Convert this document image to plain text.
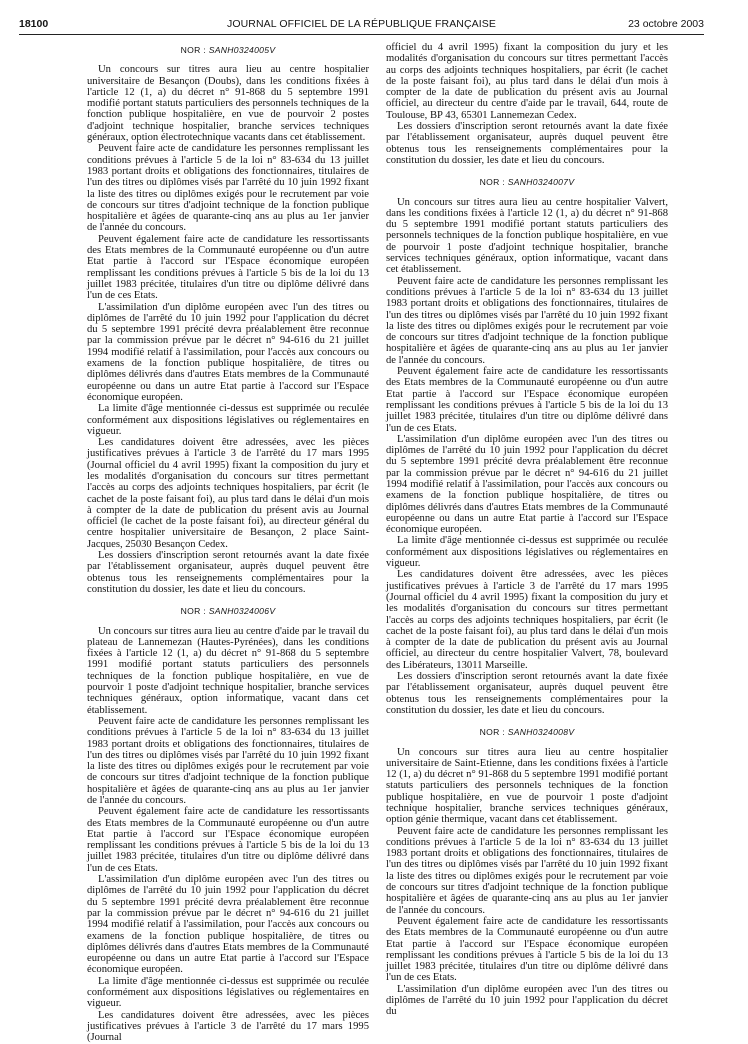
18100	JOURNAL OFFICIEL DE LA RÉPUBLIQUE FRANÇAISE	23 octobre 2003
NOR : SANH0324005V

Un concours sur titres aura lieu au centre hospitalier universitaire de Besançon (Doubs), dans les conditions fixées à l'article 12 (1, a) du décret n° 91-868 du 5 septembre 1991 modifié portant statuts particuliers des personnels techniques de la fonction publique hospitalière, en vue de pourvoir 2 postes d'adjoint technique hospitalier, branche services techniques généraux, option électrotechnique vacants dans cet établissement.

Peuvent faire acte de candidature les personnes remplissant les conditions prévues à l'article 5 de la loi n° 83-634 du 13 juillet 1983 portant droits et obligations des fonctionnaires, titulaires de l'un des titres ou diplômes visés par l'arrêté du 10 juin 1992 fixant la liste des titres ou diplômes exigés pour le recrutement par voie de concours sur titres d'adjoint technique de la fonction publique hospitalière et âgées de quarante-cinq ans au plus au 1er janvier de l'année du concours.

Peuvent également faire acte de candidature les ressortissants des Etats membres de la Communauté européenne ou d'un autre Etat partie à l'accord sur l'Espace économique européen remplissant les conditions prévues à l'article 5 bis de la loi du 13 juillet 1983 précitée, titulaires d'un titre ou diplôme délivré dans l'un de ces Etats.

L'assimilation d'un diplôme européen avec l'un des titres ou diplômes de l'arrêté du 10 juin 1992 pour l'application du décret du 5 septembre 1991 précité devra préalablement être reconnue par la commission prévue par le décret n° 94-616 du 21 juillet 1994 modifié relatif à l'assimilation, pour l'accès aux concours ou examens de la fonction publique hospitalière, de titres ou diplômes délivrés dans d'autres Etats membres de la Communauté européenne ou dans un autre Etat partie à l'accord sur l'Espace économique européen.

La limite d'âge mentionnée ci-dessus est supprimée ou reculée conformément aux dispositions législatives ou réglementaires en vigueur.

Les candidatures doivent être adressées, avec les pièces justificatives prévues à l'article 3 de l'arrêté du 17 mars 1995 (Journal officiel du 4 avril 1995) fixant la composition du jury et les modalités d'organisation du concours sur titres permettant l'accès au corps des adjoints techniques hospitaliers, par écrit (le cachet de la poste faisant foi), au plus tard dans le délai d'un mois à compter de la date de publication du présent avis au Journal officiel (le cachet de la poste faisant foi), au directeur général du centre hospitalier universitaire de Besançon, 2 place Saint-Jacques, 25030 Besançon Cedex.

Les dossiers d'inscription seront retournés avant la date fixée par l'établissement organisateur, auprès duquel peuvent être obtenus tous les renseignements complémentaires pour la constitution du dossier, les date et lieu du concours.

NOR : SANH0324006V

Un concours sur titres aura lieu au centre d'aide par le travail du plateau de Lannemezan (Hautes-Pyrénées), dans les conditions fixées à l'article 12 (1, a) du décret n° 91-868 du 5 septembre 1991 modifié portant statuts particuliers des personnels techniques de la fonction publique hospitalière, en vue de pourvoir 1 poste d'adjoint technique hospitalier, branche services techniques généraux, option informatique, vacant dans cet établissement.

Peuvent faire acte de candidature les personnes remplissant les conditions prévues à l'article 5 de la loi n° 83-634 du 13 juillet 1983 portant droits et obligations des fonctionnaires, titulaires de l'un des titres ou diplômes visés par l'arrêté du 10 juin 1992 fixant la liste des titres ou diplômes exigés pour le recrutement par voie de concours sur titres d'adjoint technique de la fonction publique hospitalière et âgées de quarante-cinq ans au plus au 1er janvier de l'année du concours.

Peuvent également faire acte de candidature les ressortissants des Etats membres de la Communauté européenne ou d'un autre Etat partie à l'accord sur l'Espace économique européen remplissant les conditions prévues à l'article 5 bis de la loi du 13 juillet 1983 précitée, titulaires d'un titre ou diplôme délivré dans l'un de ces Etats.

L'assimilation d'un diplôme européen avec l'un des titres ou diplômes de l'arrêté du 10 juin 1992 pour l'application du décret du 5 septembre 1991 précité devra préalablement être reconnue par la commission prévue par le décret n° 94-616 du 21 juillet 1994 modifié relatif à l'assimilation, pour l'accès aux concours ou examens de la fonction publique hospitalière, de titres ou diplômes délivrés dans d'autres Etats membres de la Communauté européenne ou dans un autre Etat partie à l'accord sur l'Espace économique européen.

La limite d'âge mentionnée ci-dessus est supprimée ou reculée conformément aux dispositions législatives ou réglementaires en vigueur.

Les candidatures doivent être adressées, avec les pièces justificatives prévues à l'article 3 de l'arrêté du 17 mars 1995 (Journal

officiel du 4 avril 1995) fixant la composition du jury et les modalités d'organisation du concours sur titres permettant l'accès au corps des adjoints techniques hospitaliers, par écrit (le cachet de la poste faisant foi), au plus tard dans le délai d'un mois à compter de la date de publication du présent avis au Journal officiel, au directeur du centre d'aide par le travail, 644, route de Toulouse, BP 43, 65301 Lannemezan Cedex.

Les dossiers d'inscription seront retournés avant la date fixée par l'établissement organisateur, auprès duquel peuvent être obtenus tous les renseignements complémentaires pour la constitution du dossier, les date et lieu du concours.

NOR : SANH0324007V

Un concours sur titres aura lieu au centre hospitalier Valvert, dans les conditions fixées à l'article 12 (1, a) du décret n° 91-868 du 5 septembre 1991 modifié portant statuts particuliers des personnels techniques de la fonction publique hospitalière, en vue de pourvoir 1 poste d'adjoint technique hospitalier, branche services techniques généraux, option informatique, vacant dans cet établissement.

Peuvent faire acte de candidature les personnes remplissant les conditions prévues à l'article 5 de la loi n° 83-634 du 13 juillet 1983 portant droits et obligations des fonctionnaires, titulaires de l'un des titres ou diplômes visés par l'arrêté du 10 juin 1992 fixant la liste des titres ou diplômes exigés pour le recrutement par voie de concours sur titres d'adjoint technique de la fonction publique hospitalière et âgées de quarante-cinq ans au plus au 1er janvier de l'année du concours.

Peuvent également faire acte de candidature les ressortissants des Etats membres de la Communauté européenne ou d'un autre Etat partie à l'accord sur l'Espace économique européen remplissant les conditions prévues à l'article 5 bis de la loi du 13 juillet 1983 précitée, titulaires d'un titre ou diplôme délivré dans l'un de ces Etats.

L'assimilation d'un diplôme européen avec l'un des titres ou diplômes de l'arrêté du 10 juin 1992 pour l'application du décret du 5 septembre 1991 précité devra préalablement être reconnue par la commission prévue par le décret n° 94-616 du 21 juillet 1994 modifié relatif à l'assimilation, pour l'accès aux concours ou examens de la fonction publique hospitalière, de titres ou diplômes délivrés dans d'autres Etats membres de la Communauté européenne ou dans un autre Etat partie à l'accord sur l'Espace économique européen.

La limite d'âge mentionnée ci-dessus est supprimée ou reculée conformément aux dispositions législatives ou réglementaires en vigueur.

Les candidatures doivent être adressées, avec les pièces justificatives prévues à l'article 3 de l'arrêté du 17 mars 1995 (Journal officiel du 4 avril 1995) fixant la composition du jury et les modalités d'organisation du concours sur titres permettant l'accès au corps des adjoints techniques hospitaliers, par écrit (le cachet de la poste faisant foi), au plus tard dans le délai d'un mois à compter de la date de publication du présent avis au Journal officiel, au directeur du centre hospitalier Valvert, 78, boulevard des Libérateurs, 13011 Marseille.

Les dossiers d'inscription seront retournés avant la date fixée par l'établissement organisateur, auprès duquel peuvent être obtenus tous les renseignements complémentaires pour la constitution du dossier, les date et lieu du concours.

NOR : SANH0324008V

Un concours sur titres aura lieu au centre hospitalier universitaire de Saint-Etienne, dans les conditions fixées à l'article 12 (1, a) du décret n° 91-868 du 5 septembre 1991 modifié portant statuts particuliers des personnels techniques de la fonction publique hospitalière, en vue de pourvoir 1 poste d'adjoint technique hospitalier, branche services techniques généraux, option génie thermique, vacant dans cet établissement.

Peuvent faire acte de candidature les personnes remplissant les conditions prévues à l'article 5 de la loi n° 83-634 du 13 juillet 1983 portant droits et obligations des fonctionnaires, titulaires de l'un des titres ou diplômes visés par l'arrêté du 10 juin 1992 fixant la liste des titres ou diplômes exigés pour le recrutement par voie de concours sur titres d'adjoint technique de la fonction publique hospitalière et âgées de quarante-cinq ans au plus au 1er janvier de l'année du concours.

Peuvent également faire acte de candidature les ressortissants des Etats membres de la Communauté européenne ou d'un autre Etat partie à l'accord sur l'Espace économique européen remplissant les conditions prévues à l'article 5 bis de la loi du 13 juillet 1983 précitée, titulaires d'un titre ou diplôme délivré dans l'un de ces Etats.

L'assimilation d'un diplôme européen avec l'un des titres ou diplômes de l'arrêté du 10 juin 1992 pour l'application du décret du
